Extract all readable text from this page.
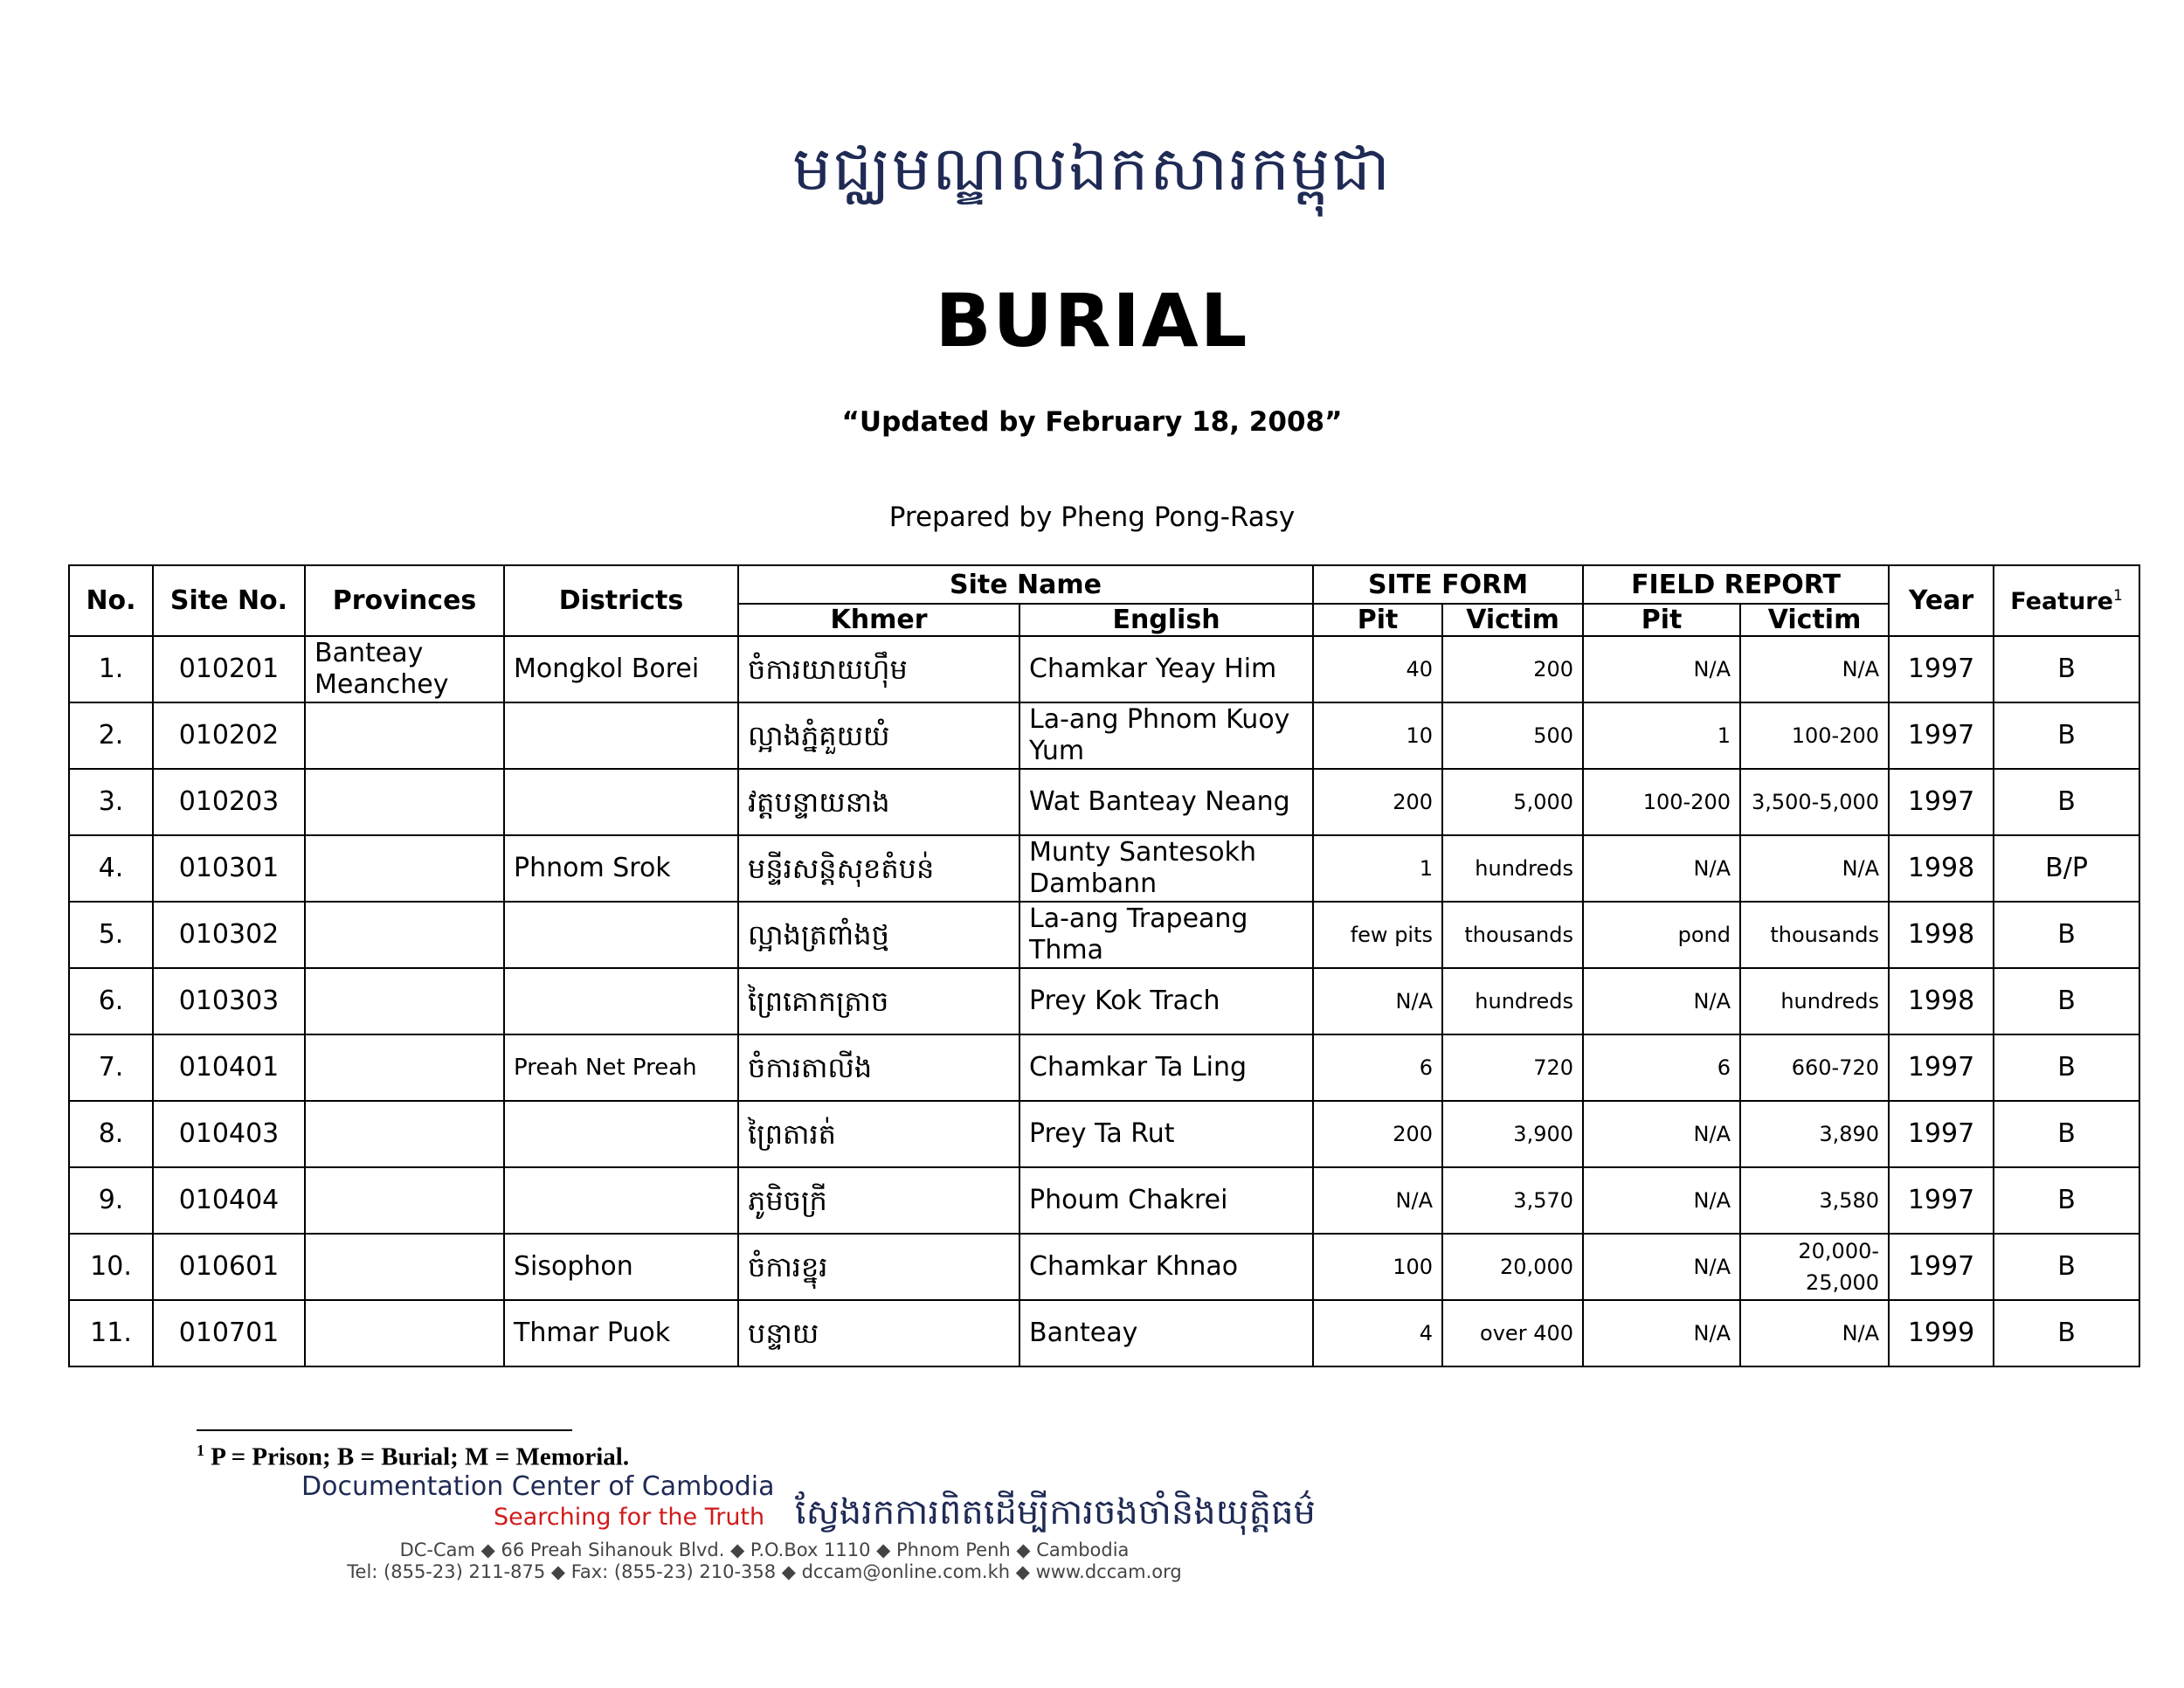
មជ្ឈមណ្ឌលឯកសារកម្ពុជា
BURIAL
“Updated by February 18, 2008”
Prepared by Pheng Pong-Rasy
No.	Site No.	Provinces	Districts	Site Name		SITE FORM		FIELD REPORT		Year	Feature$^1$
				Khmer	English	Pit	Victim	Pit	Victim		
1.	010201	Banteay Meanchey	Mongkol Borei	ចំការយាយហ៊ឹម	Chamkar Yeay Him	40	200	N/A	N/A	1997	B
2.	010202			ល្អាងភ្នំគួយយំ	La-ang Phnom Kuoy Yum	10	500	1	100-200	1997	B
3.	010203			វត្តបន្ទាយនាង	Wat Banteay Neang	200	5,000	100-200	3,500-5,000	1997	B
4.	010301		Phnom Srok	មន្ទីរសន្តិសុខតំបន់	Munty Santesokh Dambann	1	hundreds	N/A	N/A	1998	B/P
5.	010302			ល្អាងត្រពាំងថ្ម	La-ang Trapeang Thma	few pits	thousands	pond	thousands	1998	B
6.	010303			ព្រៃគោកត្រាច	Prey Kok Trach	N/A	hundreds	N/A	hundreds	1998	B
7.	010401		Preah Net Preah	ចំការតាលីង	Chamkar Ta Ling	6	720	6	660-720	1997	B
8.	010403			ព្រៃតារត់	Prey Ta Rut	200	3,900	N/A	3,890	1997	B
9.	010404			ភូមិចក្រី	Phoum Chakrei	N/A	3,570	N/A	3,580	1997	B
10.	010601		Sisophon	ចំការខ្នុរ	Chamkar Khnao	100	20,000	N/A	20,000-25,000	1997	B
11.	010701		Thmar Puok	បន្ទាយ	Banteay	4	over 400	N/A	N/A	1999	B
$^1$ P = Prison; B = Burial; M = Memorial.
Documentation Center of Cambodia
Searching for the Truth ស្វែងរកការពិតដើម្បីការចងចាំនិងយុត្តិធម៌
DC-Cam ◆ 66 Preah Sihanouk Blvd. ◆ P.O.Box 1110 ◆ Phnom Penh ◆ Cambodia
Tel: (855-23) 211-875 ◆ Fax: (855-23) 210-358 ◆ dccam@online.com.kh ◆ www.dccam.org
